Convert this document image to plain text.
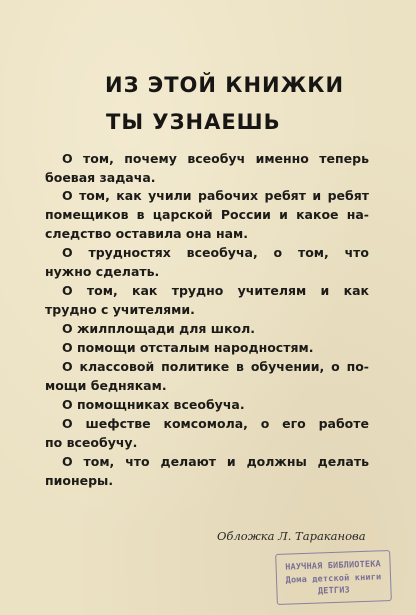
ИЗ ЭТОЙ КНИЖКИ
ТЫ УЗНАЕШЬ

О том, почему всеобуч именно теперь

боевая задача.

О том, как учили рабочих ребят и ребят

помещиков в царской России и какое на-

следство оставила она нам.

О трудностях всеобуча, о том, что

нужно сделать.

О том, как трудно учителям и как

трудно с учителями.

О жилплощади для школ.

О помощи отсталым народностям.

О классовой политике в обучении, о по-

мощи беднякам.

О помощниках всеобуча.

О шефстве комсомола, о его работе

по всеобучу.

О том, что делают и должны делать

пионеры.

Обложка Л. Тараканова

НАУЧНАЯ БИБЛИОТЕКА
Дома детской книги
ДЕТГИЗ
